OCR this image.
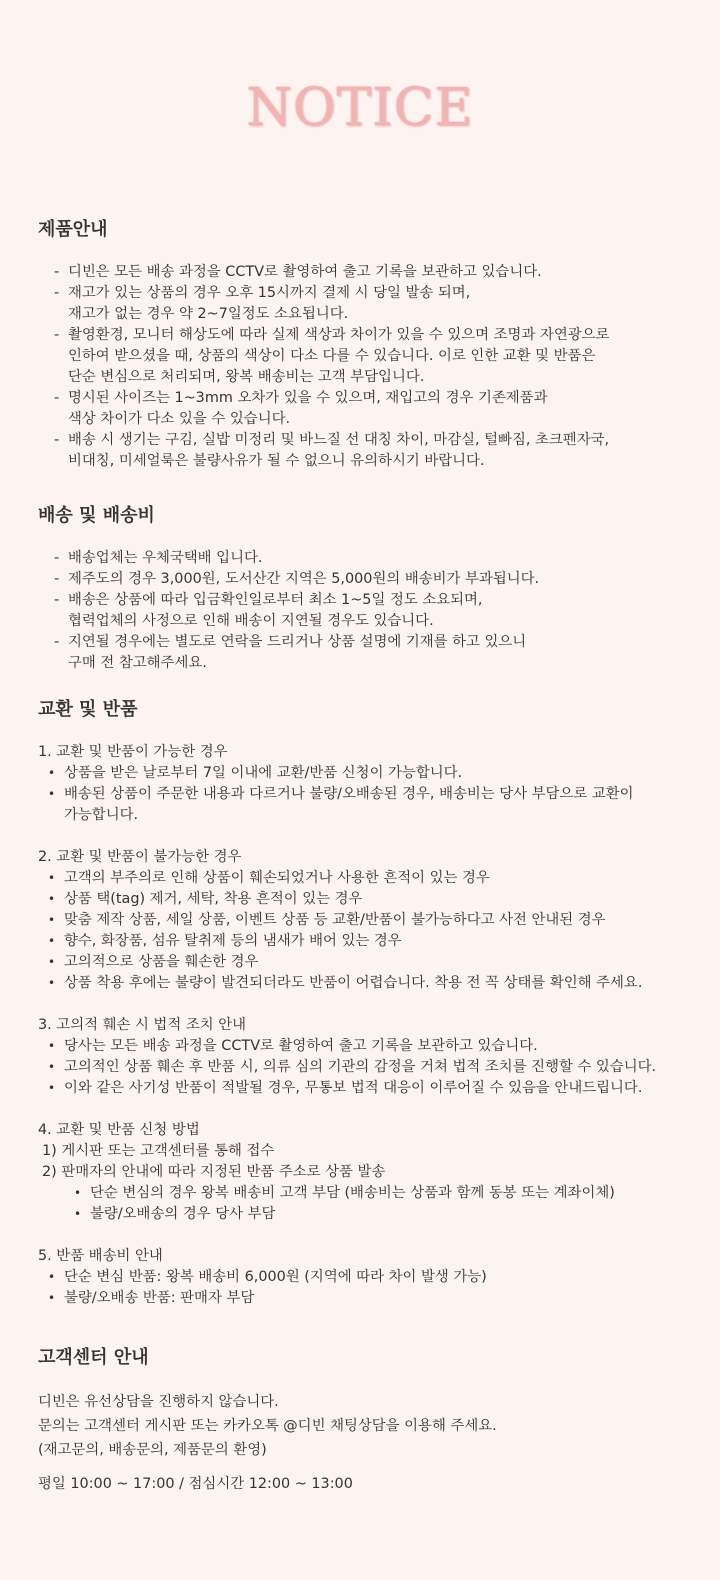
NOTICE
제품안내
- 디빈은 모든 배송 과정을 CCTV로 촬영하여 출고 기록을 보관하고 있습니다.
- 재고가 있는 상품의 경우 오후 15시까지 결제 시 당일 발송 되며,
재고가 없는 경우 약 2~7일정도 소요됩니다.
- 촬영환경, 모니터 해상도에 따라 실제 색상과 차이가 있을 수 있으며 조명과 자연광으로
인하여 받으셨을 때, 상품의 색상이 다소 다를 수 있습니다. 이로 인한 교환 및 반품은
단순 변심으로 처리되며, 왕복 배송비는 고객 부담입니다.
- 명시된 사이즈는 1~3mm 오차가 있을 수 있으며, 재입고의 경우 기존제품과
색상 차이가 다소 있을 수 있습니다.
- 배송 시 생기는 구김, 실밥 미정리 및 바느질 선 대칭 차이, 마감실, 털빠짐, 초크펜자국,
비대칭, 미세얼룩은 불량사유가 될 수 없으니 유의하시기 바랍니다.
배송 및 배송비
- 배송업체는 우체국택배 입니다.
- 제주도의 경우 3,000원, 도서산간 지역은 5,000원의 배송비가 부과됩니다.
- 배송은 상품에 따라 입금확인일로부터 최소 1~5일 정도 소요되며,
협력업체의 사정으로 인해 배송이 지연될 경우도 있습니다.
- 지연될 경우에는 별도로 연락을 드리거나 상품 설명에 기재를 하고 있으니
구매 전 참고해주세요.
교환 및 반품
1. 교환 및 반품이 가능한 경우
• 상품을 받은 날로부터 7일 이내에 교환/반품 신청이 가능합니다.
• 배송된 상품이 주문한 내용과 다르거나 불량/오배송된 경우, 배송비는 당사 부담으로 교환이
가능합니다.
2. 교환 및 반품이 불가능한 경우
• 고객의 부주의로 인해 상품이 훼손되었거나 사용한 흔적이 있는 경우
• 상품 택(tag) 제거, 세탁, 착용 흔적이 있는 경우
• 맞춤 제작 상품, 세일 상품, 이벤트 상품 등 교환/반품이 불가능하다고 사전 안내된 경우
• 향수, 화장품, 섬유 탈취제 등의 냄새가 배어 있는 경우
• 고의적으로 상품을 훼손한 경우
• 상품 착용 후에는 불량이 발견되더라도 반품이 어렵습니다. 착용 전 꼭 상태를 확인해 주세요.
3. 고의적 훼손 시 법적 조치 안내
• 당사는 모든 배송 과정을 CCTV로 촬영하여 출고 기록을 보관하고 있습니다.
• 고의적인 상품 훼손 후 반품 시, 의류 심의 기관의 감정을 거쳐 법적 조치를 진행할 수 있습니다.
• 이와 같은 사기성 반품이 적발될 경우, 무통보 법적 대응이 이루어질 수 있음을 안내드립니다.
4. 교환 및 반품 신청 방법
1) 게시판 또는 고객센터를 통해 접수
2) 판매자의 안내에 따라 지정된 반품 주소로 상품 발송
• 단순 변심의 경우 왕복 배송비 고객 부담 (배송비는 상품과 함께 동봉 또는 계좌이체)
• 불량/오배송의 경우 당사 부담
5. 반품 배송비 안내
• 단순 변심 반품: 왕복 배송비 6,000원 (지역에 따라 차이 발생 가능)
• 불량/오배송 반품: 판매자 부담
고객센터 안내
디빈은 유선상담을 진행하지 않습니다.
문의는 고객센터 게시판 또는 카카오톡 @디빈 채팅상담을 이용해 주세요.
(재고문의, 배송문의, 제품문의 환영)
평일 10:00 ~ 17:00 / 점심시간 12:00 ~ 13:00
